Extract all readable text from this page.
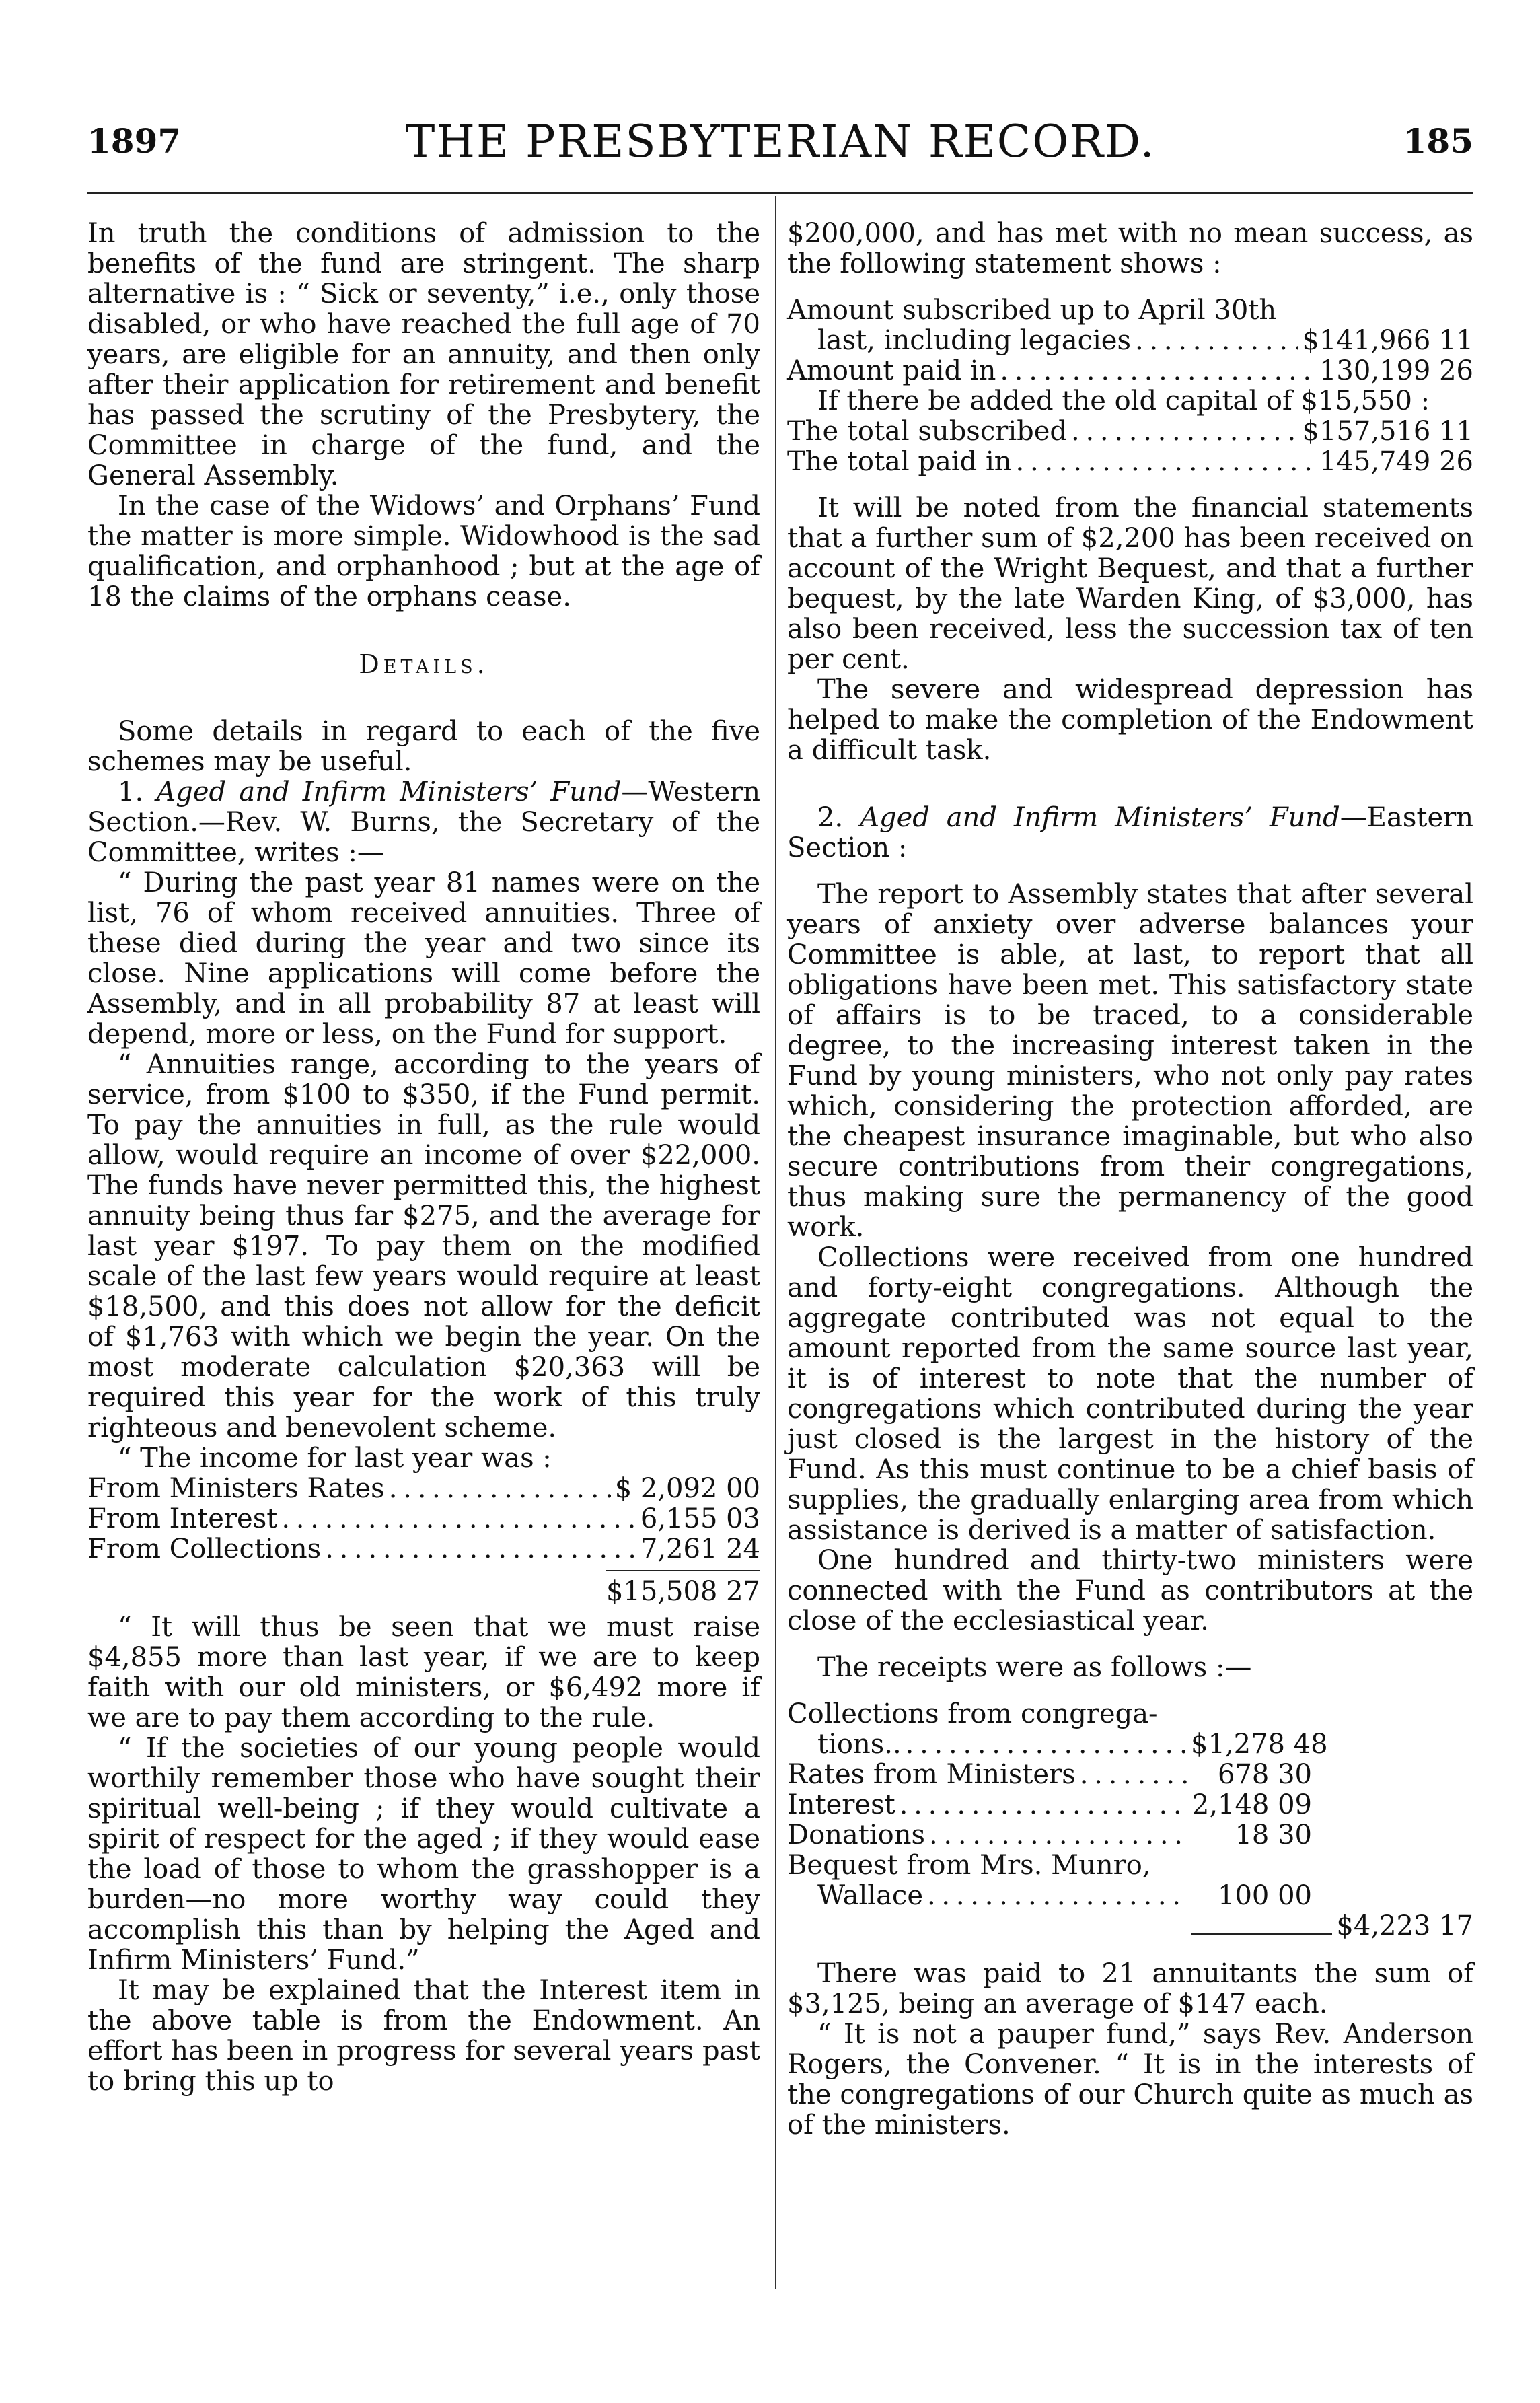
1897	THE PRESBYTERIAN RECORD.	185

In truth the conditions of admission to the benefits of the fund are stringent. The sharp alternative is : “ Sick or seventy,” i.e., only those disabled, or who have reached the full age of 70 years, are eligible for an annuity, and then only after their application for retirement and benefit has passed the scrutiny of the Presbytery, the Committee in charge of the fund, and the General Assembly.

In the case of the Widows’ and Orphans’ Fund the matter is more simple. Widowhood is the sad qualification, and orphanhood ; but at the age of 18 the claims of the orphans cease.

Details.

Some details in regard to each of the five schemes may be useful.

1. Aged and Infirm Ministers’ Fund—Western Section.—Rev. W. Burns, the Secretary of the Committee, writes :—

“ During the past year 81 names were on the list, 76 of whom received annuities. Three of these died during the year and two since its close. Nine applications will come before the Assembly, and in all probability 87 at least will depend, more or less, on the Fund for support.

“ Annuities range, according to the years of service, from $100 to $350, if the Fund permit. To pay the annuities in full, as the rule would allow, would require an income of over $22,000. The funds have never permitted this, the highest annuity being thus far $275, and the average for last year $197. To pay them on the modified scale of the last few years would require at least $18,500, and this does not allow for the deficit of $1,763 with which we begin the year. On the most moderate calculation $20,363 will be required this year for the work of this truly righteous and benevolent scheme.

“ The income for last year was :

From Ministers Rates . . .	$ 2,092 00
From Interest . . .	6,155 03
From Collections . . .	7,261 24
$15,508 27

“ It will thus be seen that we must raise $4,855 more than last year, if we are to keep faith with our old ministers, or $6,492 more if we are to pay them according to the rule.

“ If the societies of our young people would worthily remember those who have sought their spiritual well-being ; if they would cultivate a spirit of respect for the aged ; if they would ease the load of those to whom the grasshopper is a burden—no more worthy way could they accomplish this than by helping the Aged and Infirm Ministers’ Fund.”

It may be explained that the Interest item in the above table is from the Endowment. An effort has been in progress for several years past to bring this up to

$200,000, and has met with no mean success, as the following statement shows :

Amount subscribed up to April 30th
last, including legacies . . .	$141,966 11
Amount paid in . . .	130,199 26

If there be added the old capital of $15,550 :

The total subscribed . . .	$157,516 11
The total paid in . . .	145,749 26

It will be noted from the financial statements that a further sum of $2,200 has been received on account of the Wright Bequest, and that a further bequest, by the late Warden King, of $3,000, has also been received, less the succession tax of ten per cent.

The severe and widespread depression has helped to make the completion of the Endowment a difficult task.

2. Aged and Infirm Ministers’ Fund—Eastern Section :

The report to Assembly states that after several years of anxiety over adverse balances your Committee is able, at last, to report that all obligations have been met. This satisfactory state of affairs is to be traced, to a considerable degree, to the increasing interest taken in the Fund by young ministers, who not only pay rates which, considering the protection afforded, are the cheapest insurance imaginable, but who also secure contributions from their congregations, thus making sure the permanency of the good work.

Collections were received from one hundred and forty-eight congregations. Although the aggregate contributed was not equal to the amount reported from the same source last year, it is of interest to note that the number of congregations which contributed during the year just closed is the largest in the history of the Fund. As this must continue to be a chief basis of supplies, the gradually enlarging area from which assistance is derived is a matter of satisfaction.

One hundred and thirty-two ministers were connected with the Fund as contributors at the close of the ecclesiastical year.

The receipts were as follows :—

Collections from congrega-
tions.. . . .	$1,278 48
Rates from Ministers . . .	678 30
Interest . . .	2,148 09
Donations . . .	18 30
Bequest from Mrs. Munro,
Wallace . . .	100 00
$4,223 17

There was paid to 21 annuitants the sum of $3,125, being an average of $147 each.

“ It is not a pauper fund,” says Rev. Anderson Rogers, the Convener. “ It is in the interests of the congregations of our Church quite as much as of the ministers.
